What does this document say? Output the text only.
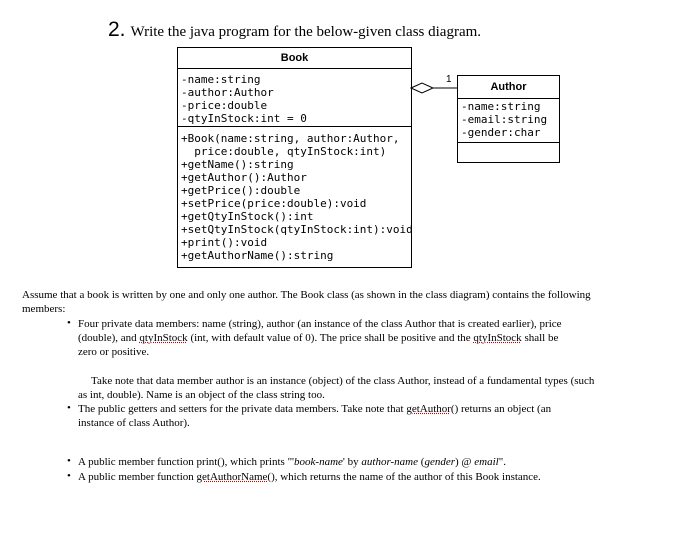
2. Write the java program for the below-given class diagram.
Book
-name:string
-author:Author
-price:double
-qtyInStock:int = 0
+Book(name:string, author:Author,
price:double, qtyInStock:int)
+getName():string
+getAuthor():Author
+getPrice():double
+setPrice(price:double):void
+getQtyInStock():int
+setQtyInStock(qtyInStock:int):void
+print():void
+getAuthorName():string
1
Author
-name:string
-email:string
-gender:char
Assume that a book is written by one and only one author. The Book class (as shown in the class diagram) contains the following
members:
• Four private data members: name (string), author (an instance of the class Author that is created earlier), price
(double), and qtyInStock (int, with default value of 0). The price shall be positive and the qtyInStock shall be
zero or positive.
Take note that data member author is an instance (object) of the class Author, instead of a fundamental types (such
as int, double). Name is an object of the class string too.
• The public getters and setters for the private data members. Take note that getAuthor() returns an object (an
instance of class Author).
• A public member function print(), which prints "'book-name' by author-name (gender) @ email".
• A public member function getAuthorName(), which returns the name of the author of this Book instance.
